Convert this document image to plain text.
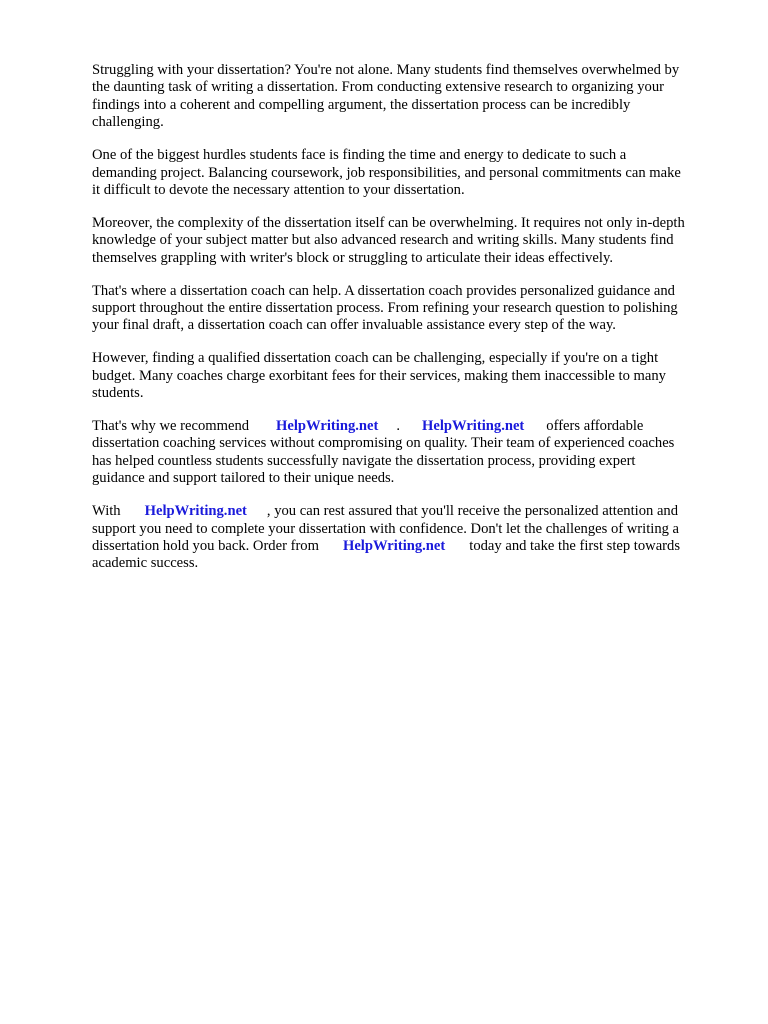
Struggling with your dissertation? You're not alone. Many students find themselves overwhelmed by
the daunting task of writing a dissertation. From conducting extensive research to organizing your
findings into a coherent and compelling argument, the dissertation process can be incredibly
challenging.

One of the biggest hurdles students face is finding the time and energy to dedicate to such a
demanding project. Balancing coursework, job responsibilities, and personal commitments can make
it difficult to devote the necessary attention to your dissertation.

Moreover, the complexity of the dissertation itself can be overwhelming. It requires not only in-depth
knowledge of your subject matter but also advanced research and writing skills. Many students find
themselves grappling with writer's block or struggling to articulate their ideas effectively.

That's where a dissertation coach can help. A dissertation coach provides personalized guidance and
support throughout the entire dissertation process. From refining your research question to polishing
your final draft, a dissertation coach can offer invaluable assistance every step of the way.

However, finding a qualified dissertation coach can be challenging, especially if you're on a tight
budget. Many coaches charge exorbitant fees for their services, making them inaccessible to many
students.

That's why we recommend HelpWriting.net . HelpWriting.net offers affordable
dissertation coaching services without compromising on quality. Their team of experienced coaches
has helped countless students successfully navigate the dissertation process, providing expert
guidance and support tailored to their unique needs.

With HelpWriting.net , you can rest assured that you'll receive the personalized attention and
support you need to complete your dissertation with confidence. Don't let the challenges of writing a
dissertation hold you back. Order from HelpWriting.net today and take the first step towards
academic success.
